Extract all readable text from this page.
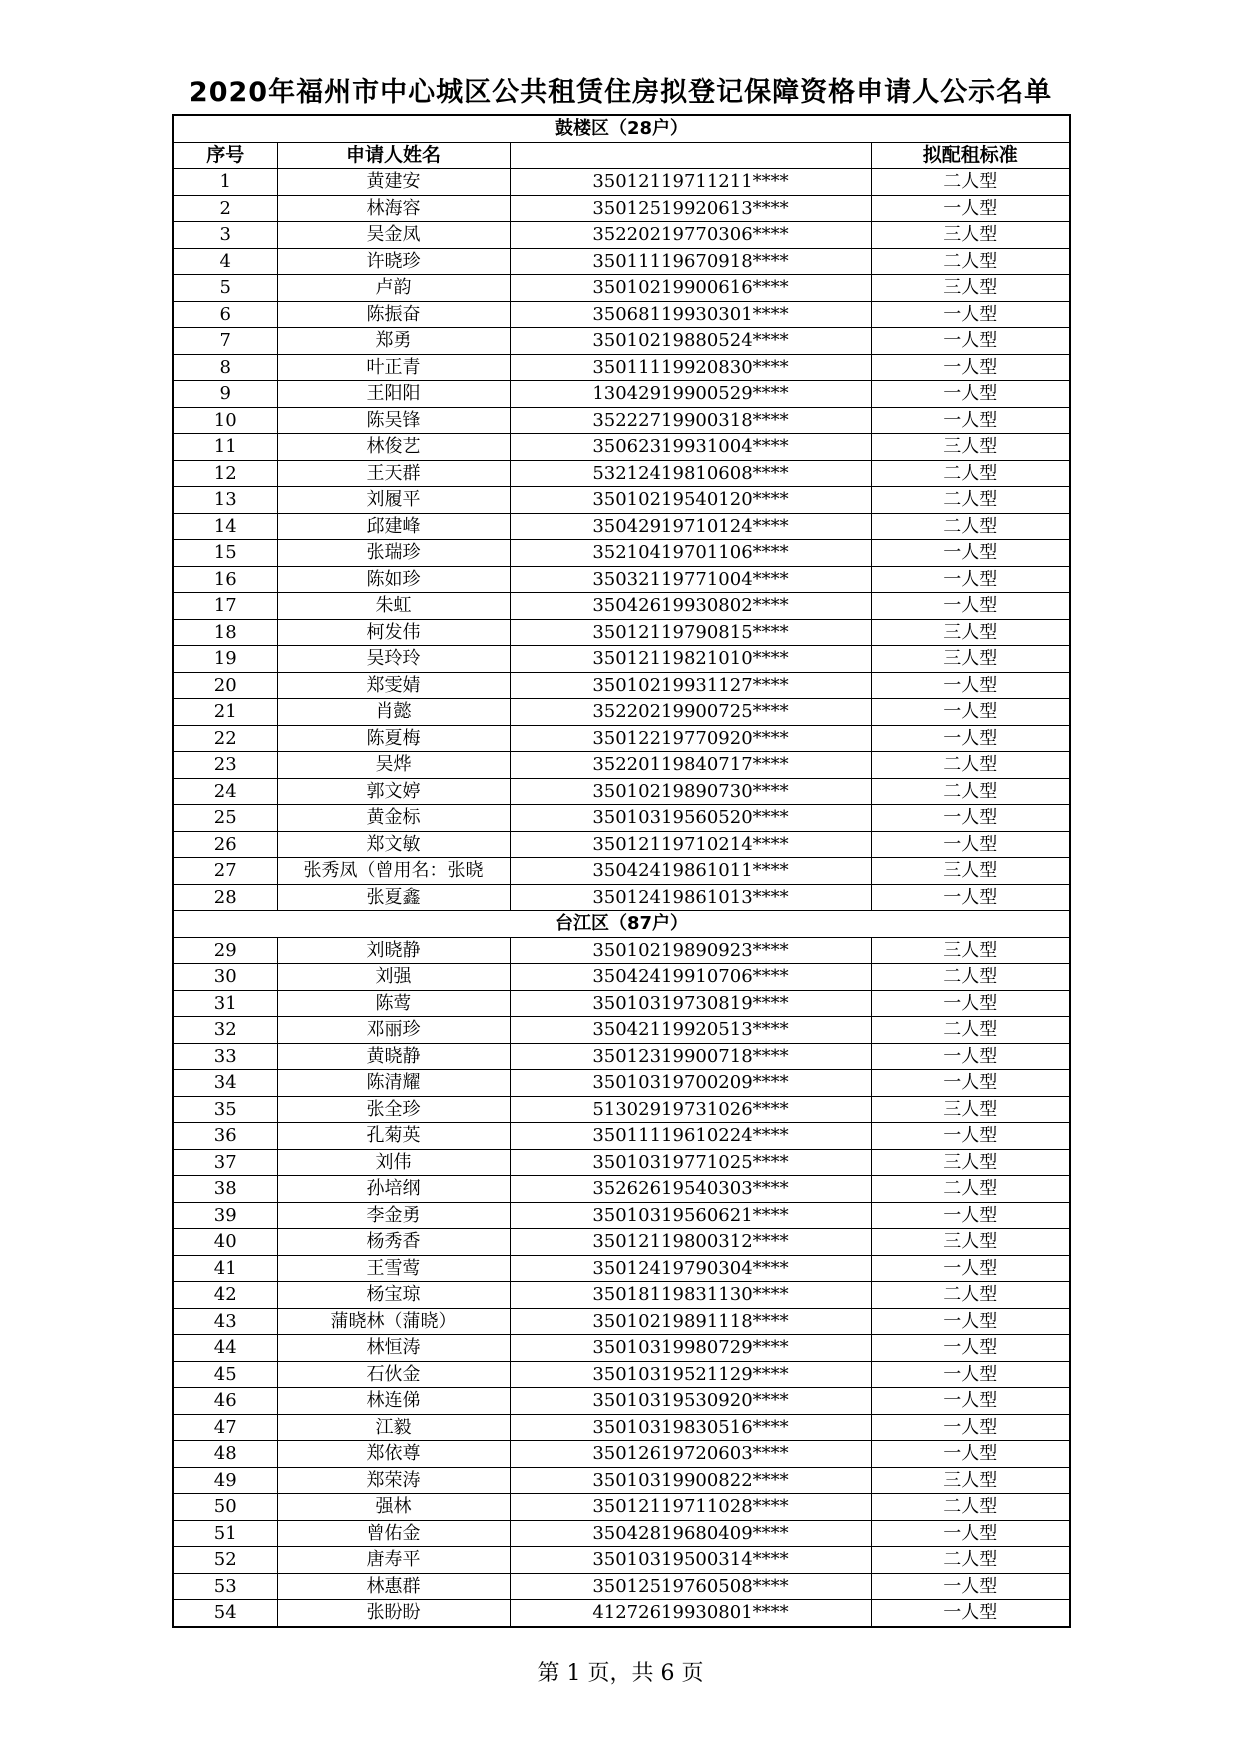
2020年福州市中心城区公共租赁住房拟登记保障资格申请人公示名单
鼓楼区（28户）			
序号	申请人姓名		拟配租标准
1	黄建安	35012119711211****	二人型
2	林海容	35012519920613****	一人型
3	吴金凤	35220219770306****	三人型
4	许晓珍	35011119670918****	二人型
5	卢韵	35010219900616****	三人型
6	陈振奋	35068119930301****	一人型
7	郑勇	35010219880524****	一人型
8	叶正青	35011119920830****	一人型
9	王阳阳	13042919900529****	一人型
10	陈吴锋	35222719900318****	一人型
11	林俊艺	35062319931004****	三人型
12	王天群	53212419810608****	二人型
13	刘履平	35010219540120****	二人型
14	邱建峰	35042919710124****	二人型
15	张瑞珍	35210419701106****	一人型
16	陈如珍	35032119771004****	一人型
17	朱虹	35042619930802****	一人型
18	柯发伟	35012119790815****	三人型
19	吴玲玲	35012119821010****	三人型
20	郑雯婧	35010219931127****	一人型
21	肖懿	35220219900725****	一人型
22	陈夏梅	35012219770920****	一人型
23	吴烨	35220119840717****	二人型
24	郭文婷	35010219890730****	二人型
25	黄金标	35010319560520****	一人型
26	郑文敏	35012119710214****	一人型
27	张秀凤（曾用名：张晓	35042419861011****	三人型
28	张夏鑫	35012419861013****	一人型
台江区（87户）			
29	刘晓静	35010219890923****	三人型
30	刘强	35042419910706****	二人型
31	陈莺	35010319730819****	一人型
32	邓丽珍	35042119920513****	二人型
33	黄晓静	35012319900718****	一人型
34	陈清耀	35010319700209****	一人型
35	张全珍	51302919731026****	三人型
36	孔菊英	35011119610224****	一人型
37	刘伟	35010319771025****	三人型
38	孙培纲	35262619540303****	二人型
39	李金勇	35010319560621****	一人型
40	杨秀香	35012119800312****	三人型
41	王雪莺	35012419790304****	一人型
42	杨宝琼	35018119831130****	二人型
43	蒲晓林（蒲晓）	35010219891118****	一人型
44	林恒涛	35010319980729****	一人型
45	石伙金	35010319521129****	一人型
46	林连俤	35010319530920****	一人型
47	江毅	35010319830516****	一人型
48	郑依尊	35012619720603****	一人型
49	郑荣涛	35010319900822****	三人型
50	强林	35012119711028****	二人型
51	曾佑金	35042819680409****	一人型
52	唐寿平	35010319500314****	二人型
53	林惠群	35012519760508****	一人型
54	张盼盼	41272619930801****	一人型
第 1 页，共 6 页
